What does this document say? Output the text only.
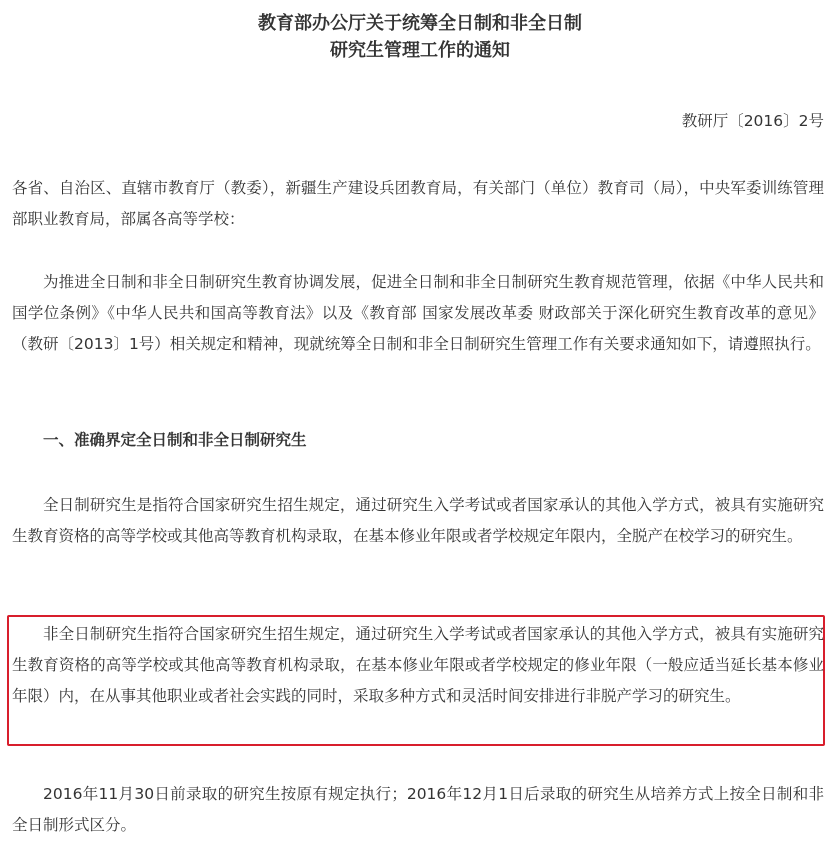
教育部办公厅关于统筹全日制和非全日制
研究生管理工作的通知
教研厅〔2016〕2号

各省、自治区、直辖市教育厅（教委），新疆生产建设兵团教育局，有关部门（单位）教育司（局），中央军委训练管理部职业教育局，部属各高等学校：

为推进全日制和非全日制研究生教育协调发展，促进全日制和非全日制研究生教育规范管理，依据《中华人民共和国学位条例》《中华人民共和国高等教育法》以及《教育部 国家发展改革委 财政部关于深化研究生教育改革的意见》（教研〔2013〕1号）相关规定和精神，现就统筹全日制和非全日制研究生管理工作有关要求通知如下，请遵照执行。

一、准确界定全日制和非全日制研究生

全日制研究生是指符合国家研究生招生规定，通过研究生入学考试或者国家承认的其他入学方式，被具有实施研究生教育资格的高等学校或其他高等教育机构录取，在基本修业年限或者学校规定年限内，全脱产在校学习的研究生。

非全日制研究生指符合国家研究生招生规定，通过研究生入学考试或者国家承认的其他入学方式，被具有实施研究生教育资格的高等学校或其他高等教育机构录取，在基本修业年限或者学校规定的修业年限（一般应适当延长基本修业年限）内，在从事其他职业或者社会实践的同时，采取多种方式和灵活时间安排进行非脱产学习的研究生。

2016年11月30日前录取的研究生按原有规定执行；2016年12月1日后录取的研究生从培养方式上按全日制和非全日制形式区分。
